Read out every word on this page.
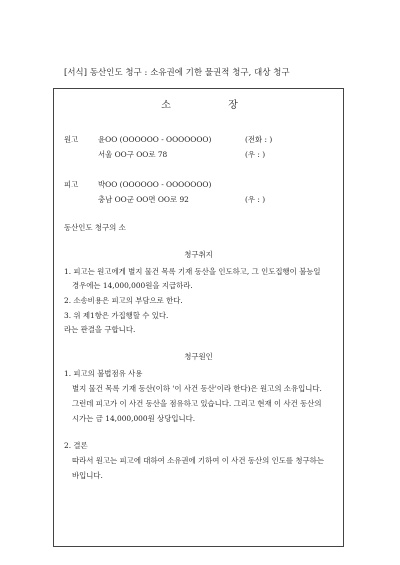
[서식] 동산인도 청구 : 소유권에 기한 물권적 청구, 대상 청구
소	장
원고	윤OO (OOOOOO - OOOOOOO)	(전화 : )
서울 OO구 OO로 78	(우 : )
피고	박OO (OOOOOO - OOOOOOO)
충남 OO군 OO면 OO로 92	(우 : )
동산인도 청구의 소
청구취지
1. 피고는 원고에게 별지 물건 목록 기재 동산을 인도하고, 그 인도집행이 불능일
경우에는 14,000,000원을 지급하라.
2. 소송비용은 피고의 부담으로 한다.
3. 위 제1항은 가집행할 수 있다.
라는 판결을 구합니다.
청구원인
1. 피고의 불법점유 사용
별지 물건 목록 기재 동산(이하 '이 사건 동산'이라 한다)은 원고의 소유입니다.
그런데 피고가 이 사건 동산을 점유하고 있습니다. 그리고 현재 이 사건 동산의
시가는 금 14,000,000원 상당입니다.
2. 결론
따라서 원고는 피고에 대하여 소유권에 기하여 이 사건 동산의 인도를 청구하는
바입니다.
